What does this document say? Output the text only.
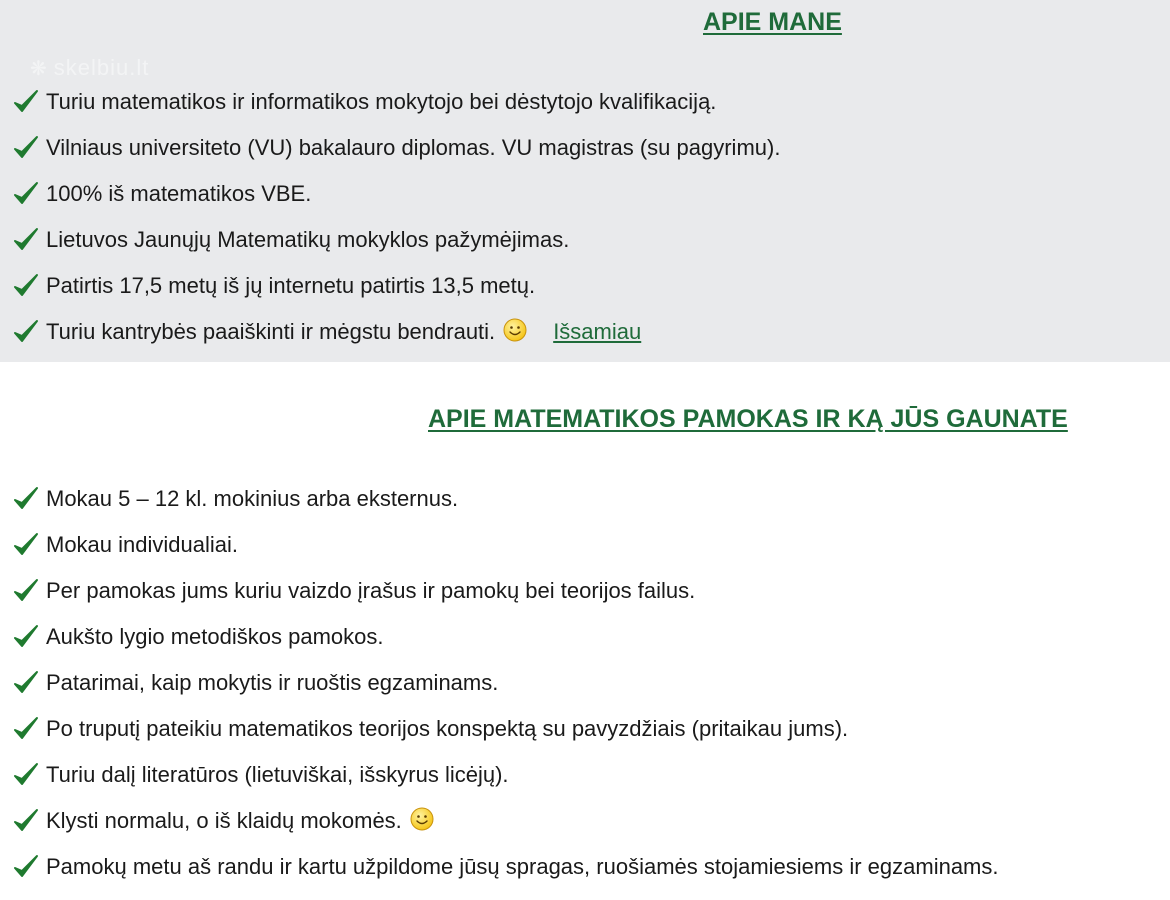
❋ skelbiu.lt
APIE MANE
Turiu matematikos ir informatikos mokytojo bei dėstytojo kvalifikaciją.
Vilniaus universiteto (VU) bakalauro diplomas. VU magistras (su pagyrimu).
100% iš matematikos VBE.
Lietuvos Jaunųjų Matematikų mokyklos pažymėjimas.
Patirtis 17,5 metų iš jų internetu patirtis 13,5 metų.
Turiu kantrybės paaiškinti ir mėgstu bendrauti.	Išsamiau
APIE MATEMATIKOS PAMOKAS IR KĄ JŪS GAUNATE
Mokau 5 – 12 kl. mokinius arba eksternus.
Mokau individualiai.
Per pamokas jums kuriu vaizdo įrašus ir pamokų bei teorijos failus.
Aukšto lygio metodiškos pamokos.
Patarimai, kaip mokytis ir ruoštis egzaminams.
Po truputį pateikiu matematikos teorijos konspektą su pavyzdžiais (pritaikau jums).
Turiu dalį literatūros (lietuviškai, išskyrus licėjų).
Klysti normalu, o iš klaidų mokomės.
Pamokų metu aš randu ir kartu užpildome jūsų spragas, ruošiamės stojamiesiems ir egzaminams.
